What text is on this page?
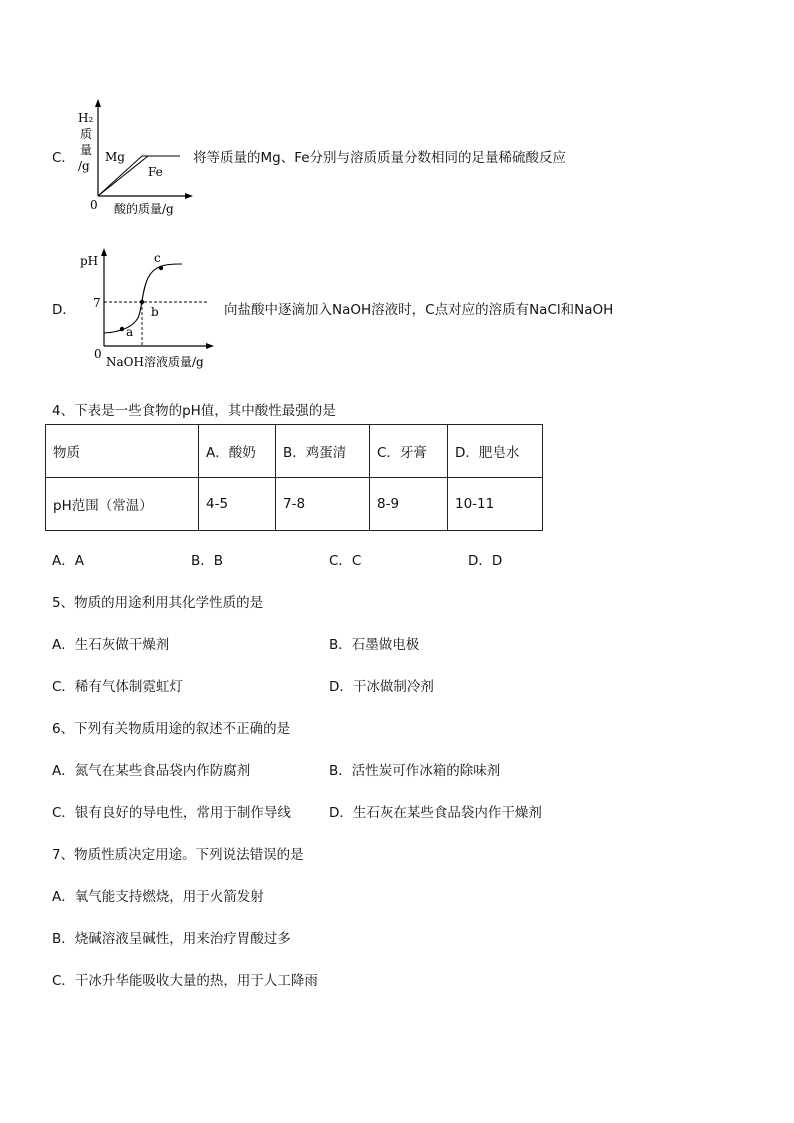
C．
H₂
质
量
/g
Mg
Fe
0 酸的质量/g
将等质量的Mg、Fe分别与溶质质量分数相同的足量稀硫酸反应
D．
pH
7
a
b
c
0
NaOH溶液质量/g
向盐酸中逐滴加入NaOH溶液时，C点对应的溶质有NaCl和NaOH
4、下表是一些食物的pH值，其中酸性最强的是
物质	A．酸奶	B．鸡蛋清	C．牙膏	D．肥皂水
pH范围（常温）	4-5	7-8	8-9	10-11
A．A	B．B	C．C	D．D
5、物质的用途利用其化学性质的是
A．生石灰做干燥剂	B．石墨做电极
C．稀有气体制霓虹灯	D．干冰做制冷剂
6、下列有关物质用途的叙述不正确的是
A．氮气在某些食品袋内作防腐剂	B．活性炭可作冰箱的除味剂
C．银有良好的导电性，常用于制作导线	D．生石灰在某些食品袋内作干燥剂
7、物质性质决定用途。下列说法错误的是
A．氧气能支持燃烧，用于火箭发射
B．烧碱溶液呈碱性，用来治疗胃酸过多
C．干冰升华能吸收大量的热，用于人工降雨
